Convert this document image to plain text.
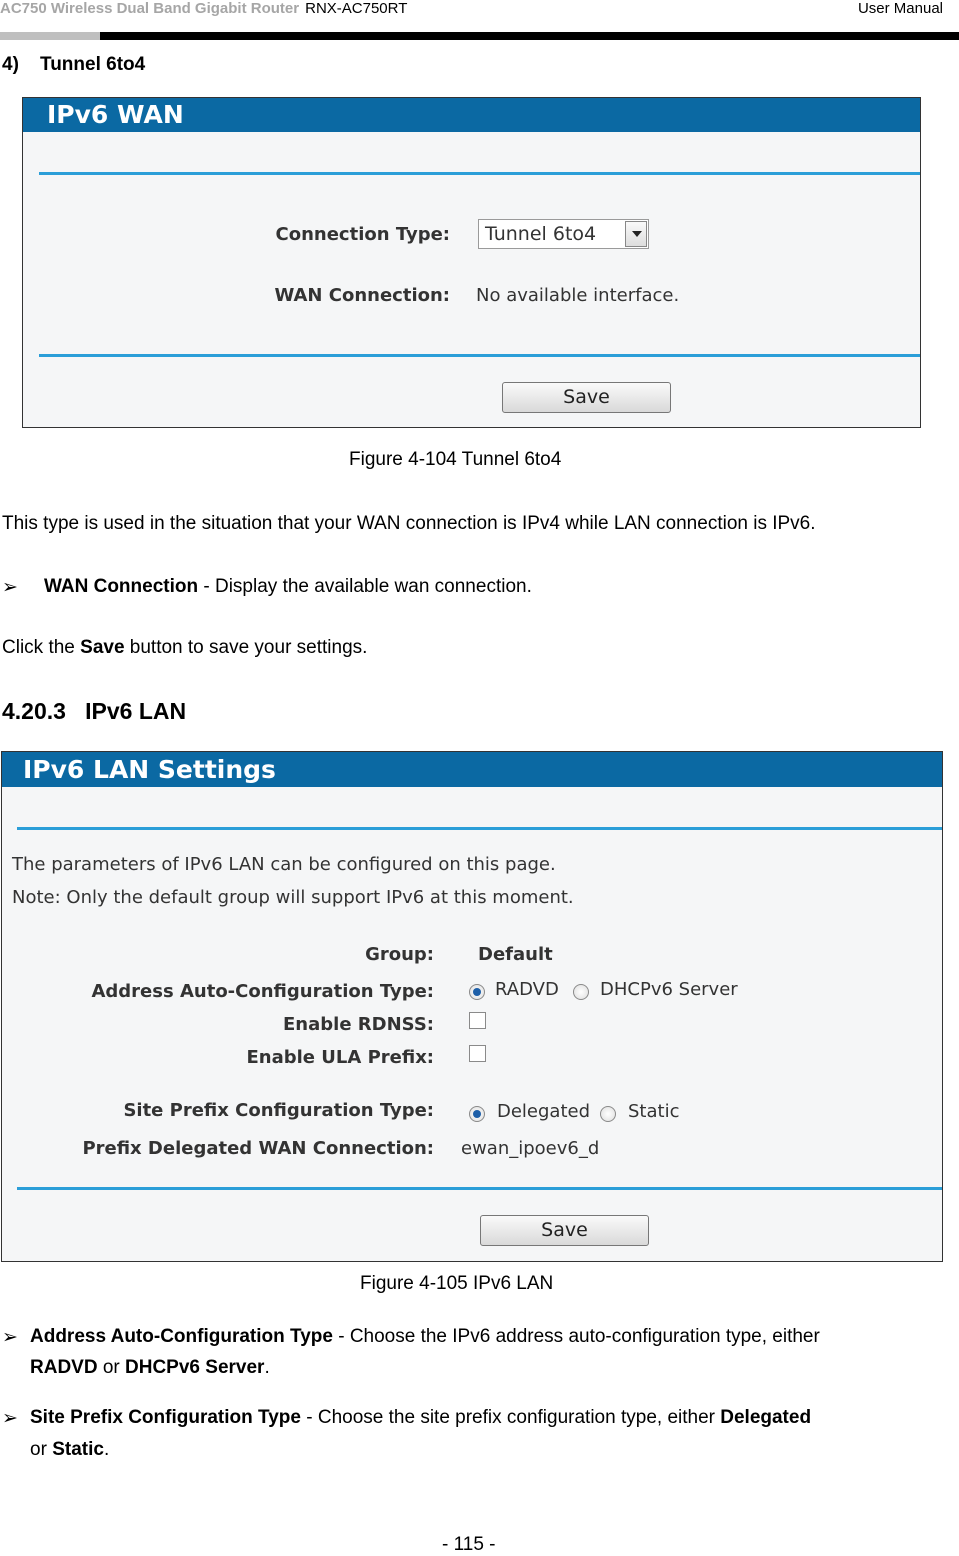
AC750 Wireless Dual Band Gigabit Router RNX-AC750RT	User Manual
4)    Tunnel 6to4
IPv6 WAN
Connection Type: Tunnel 6to4
WAN Connection: No available interface.
Save
Figure 4-104 Tunnel 6to4
This type is used in the situation that your WAN connection is IPv4 while LAN connection is IPv6.
➢ WAN Connection - Display the available wan connection.
Click the Save button to save your settings.
4.20.3   IPv6 LAN
IPv6 LAN Settings
The parameters of IPv6 LAN can be configured on this page.
Note: Only the default group will support IPv6 at this moment.
Group: Default
Address Auto-Configuration Type:	RADVD DHCPv6 Server
Enable RDNSS:
Enable ULA Prefix:
Site Prefix Configuration Type:	Delegated Static
Prefix Delegated WAN Connection: ewan_ipoev6_d
Save
Figure 4-105 IPv6 LAN
➢ Address Auto-Configuration Type - Choose the IPv6 address auto-configuration type, either
RADVD or DHCPv6 Server.
➢ Site Prefix Configuration Type - Choose the site prefix configuration type, either Delegated
or Static.
- 115 -
